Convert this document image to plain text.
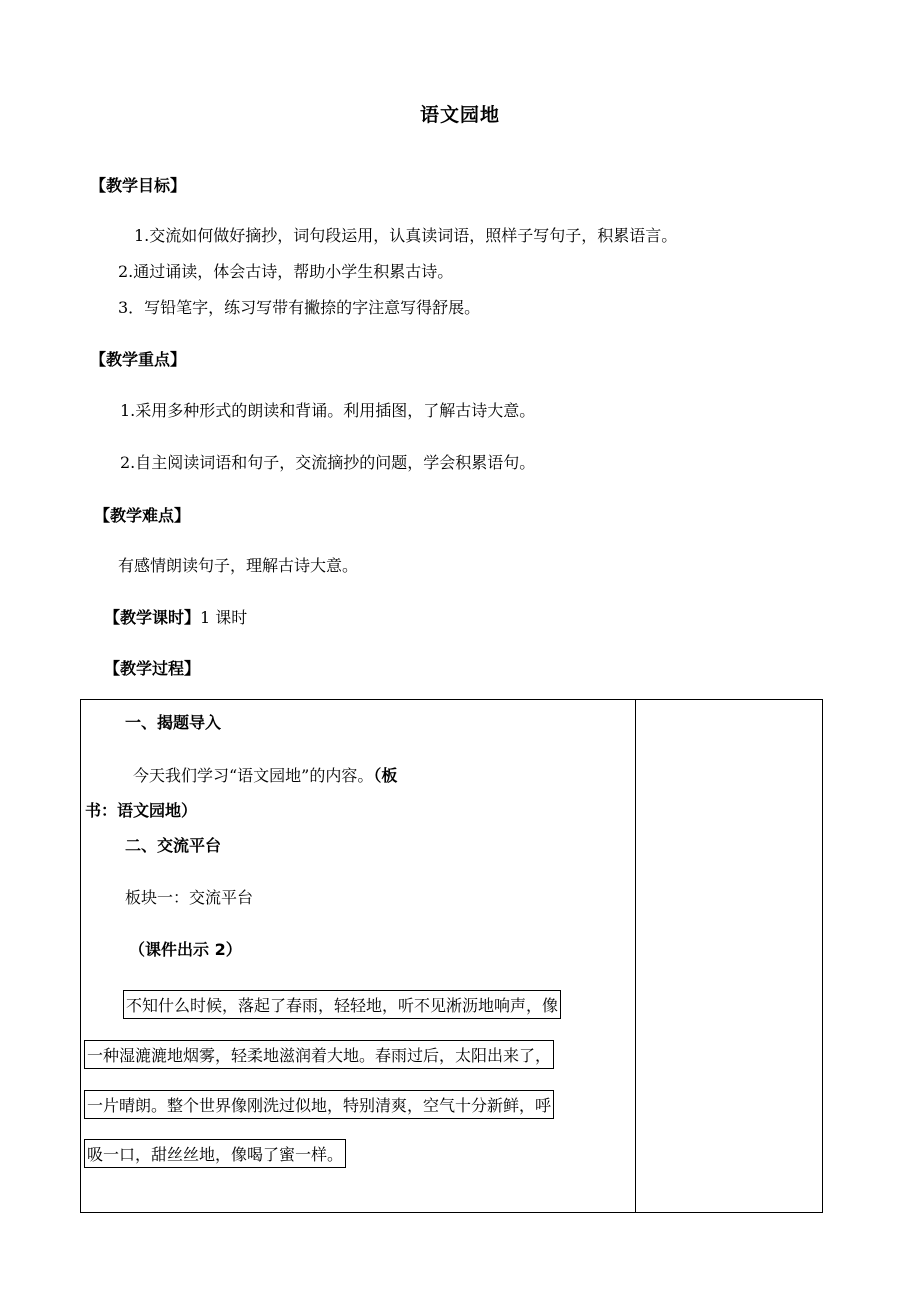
语文园地
【教学目标】
1.交流如何做好摘抄，词句段运用，认真读词语，照样子写句子，积累语言。
2.通过诵读，体会古诗，帮助小学生积累古诗。
3．写铅笔字，练习写带有撇捺的字注意写得舒展。
【教学重点】
1.采用多种形式的朗读和背诵。利用插图，了解古诗大意。
2.自主阅读词语和句子，交流摘抄的问题，学会积累语句。
【教学难点】
有感情朗读句子，理解古诗大意。
【教学课时】1 课时
【教学过程】
一、揭题导入
今天我们学习“语文园地”的内容。（板
书：语文园地）
二、交流平台
板块一：交流平台
（课件出示 2）
不知什么时候，落起了春雨，轻轻地，听不见淅沥地响声，像
一种湿漉漉地烟雾，轻柔地滋润着大地。春雨过后，太阳出来了，
一片晴朗。整个世界像刚洗过似地，特别清爽，空气十分新鲜，呼
吸一口，甜丝丝地，像喝了蜜一样。
